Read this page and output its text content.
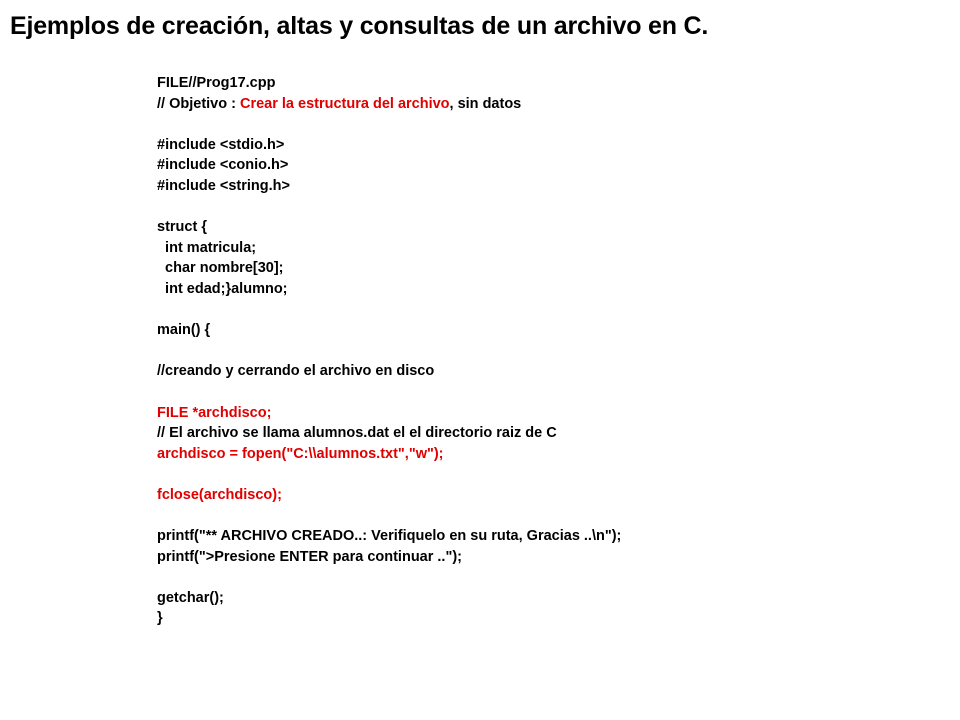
Ejemplos de creación, altas y consultas de un archivo en C.
FILE//Prog17.cpp
// Objetivo : Crear la estructura del archivo, sin datos
#include <stdio.h>
#include <conio.h>
#include <string.h>
struct {
int matricula;
char nombre[30];
int edad;}alumno;
main() {
//creando y cerrando el archivo en disco
FILE *archdisco;
// El archivo se llama alumnos.dat el el directorio raiz de C
archdisco = fopen("C:\\alumnos.txt","w");
fclose(archdisco);
printf("** ARCHIVO CREADO..: Verifiquelo en su ruta, Gracias ..\n");
printf(">Presione ENTER para continuar ..");
getchar();
}
